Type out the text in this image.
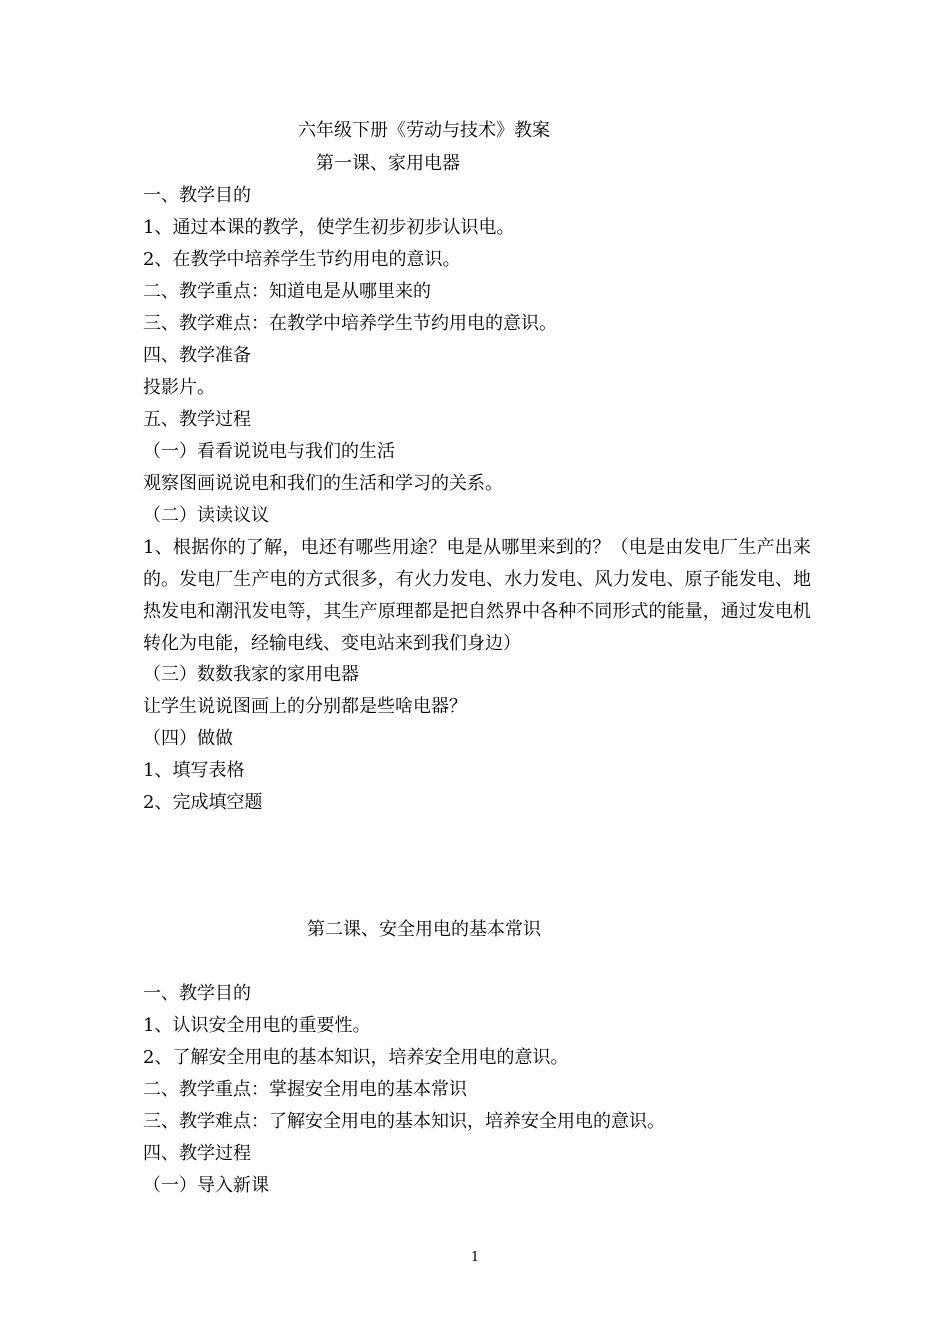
六年级下册《劳动与技术》教案
第一课、家用电器
一、教学目的
1、通过本课的教学，使学生初步初步认识电。
2、在教学中培养学生节约用电的意识。
二、教学重点：知道电是从哪里来的
三、教学难点：在教学中培养学生节约用电的意识。
四、教学准备
投影片。
五、教学过程
（一）看看说说电与我们的生活
观察图画说说电和我们的生活和学习的关系。
（二）读读议议
1、根据你的了解，电还有哪些用途？电是从哪里来到的？（电是由发电厂生产出来的。发电厂生产电的方式很多，有火力发电、水力发电、风力发电、原子能发电、地热发电和潮汛发电等，其生产原理都是把自然界中各种不同形式的能量，通过发电机转化为电能，经输电线、变电站来到我们身边）
（三）数数我家的家用电器
让学生说说图画上的分别都是些啥电器？
（四）做做
1、填写表格
2、完成填空题
第二课、安全用电的基本常识
一、教学目的
1、认识安全用电的重要性。
2、了解安全用电的基本知识，培养安全用电的意识。
二、教学重点：掌握安全用电的基本常识
三、教学难点：了解安全用电的基本知识，培养安全用电的意识。
四、教学过程
（一）导入新课
1
